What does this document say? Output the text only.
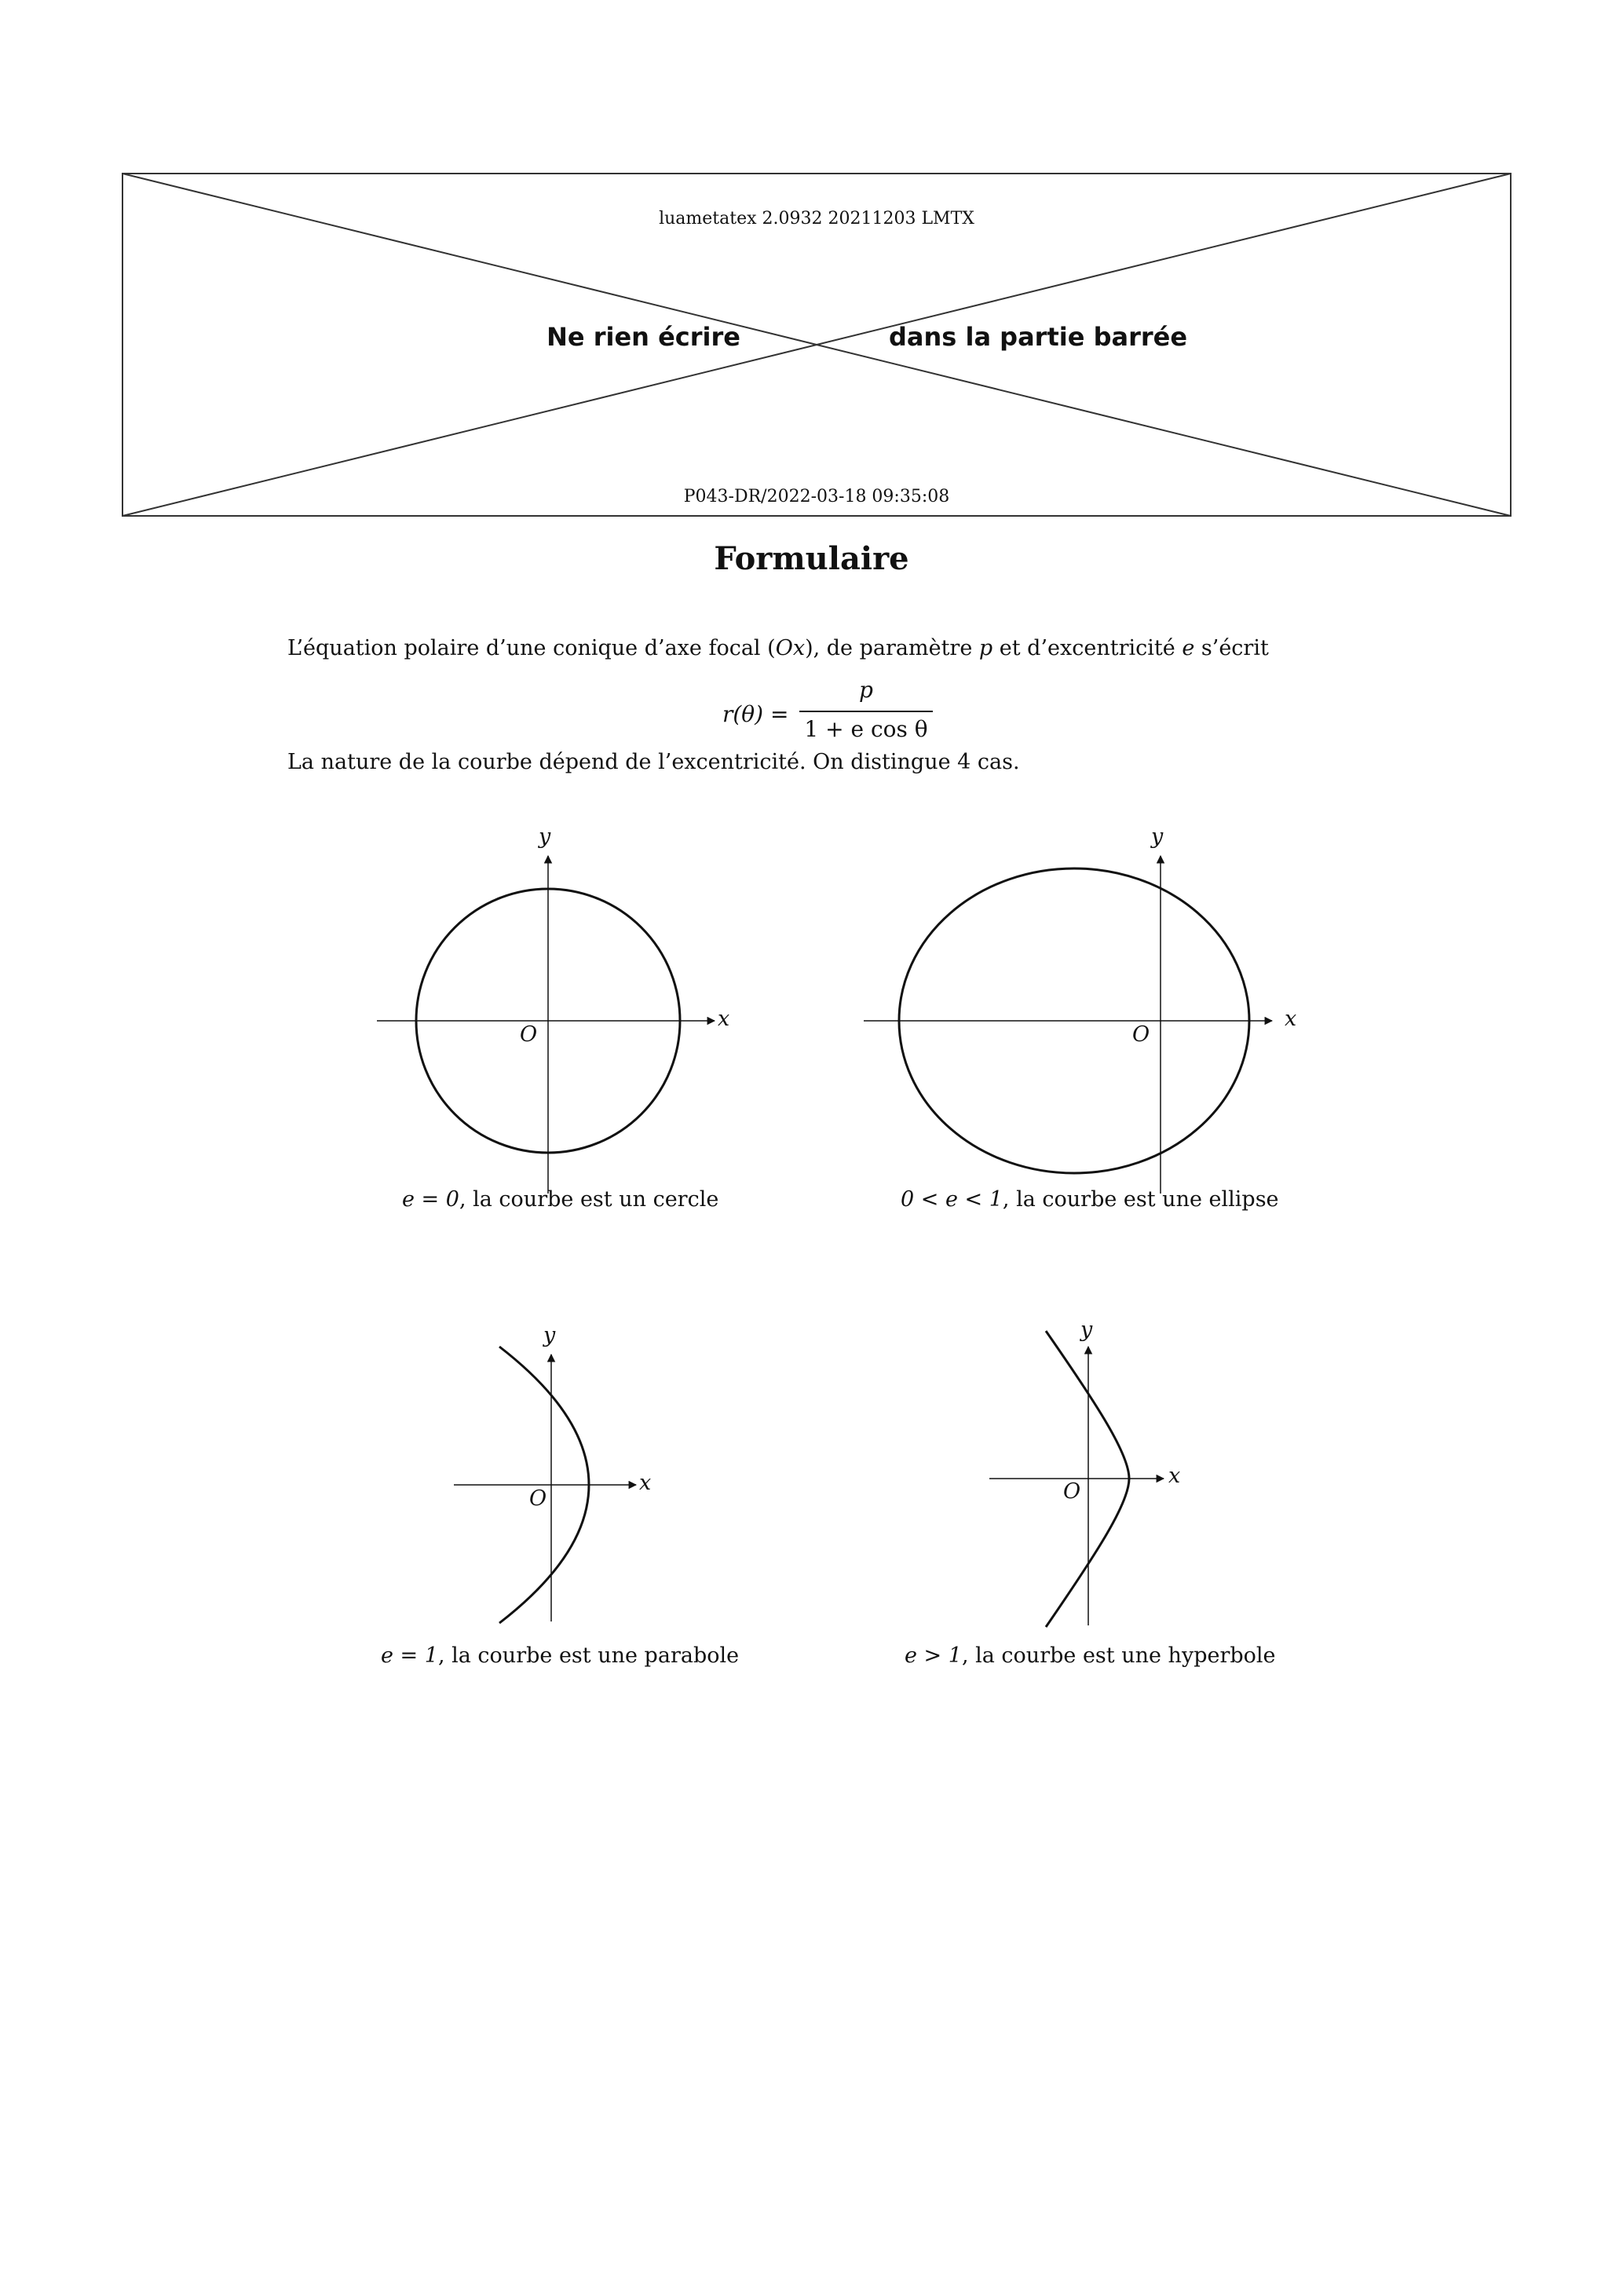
luametatex 2.0932 20211203 LMTX
Ne rien écrire	dans la partie barrée
P043-DR/2022-03-18 09:35:08
Formulaire
L’équation polaire d’une conique d’axe focal (Ox), de paramètre p et d’excentricité e s’écrit
r(θ) =
p
1 + e cos θ
La nature de la courbe dépend de l’excentricité. On distingue 4 cas.
x
y
O
e = 0, la courbe est un cercle
x
y
O
0 < e < 1, la courbe est une ellipse
x
y
O
e = 1, la courbe est une parabole
x
y
O
e > 1, la courbe est une hyperbole
